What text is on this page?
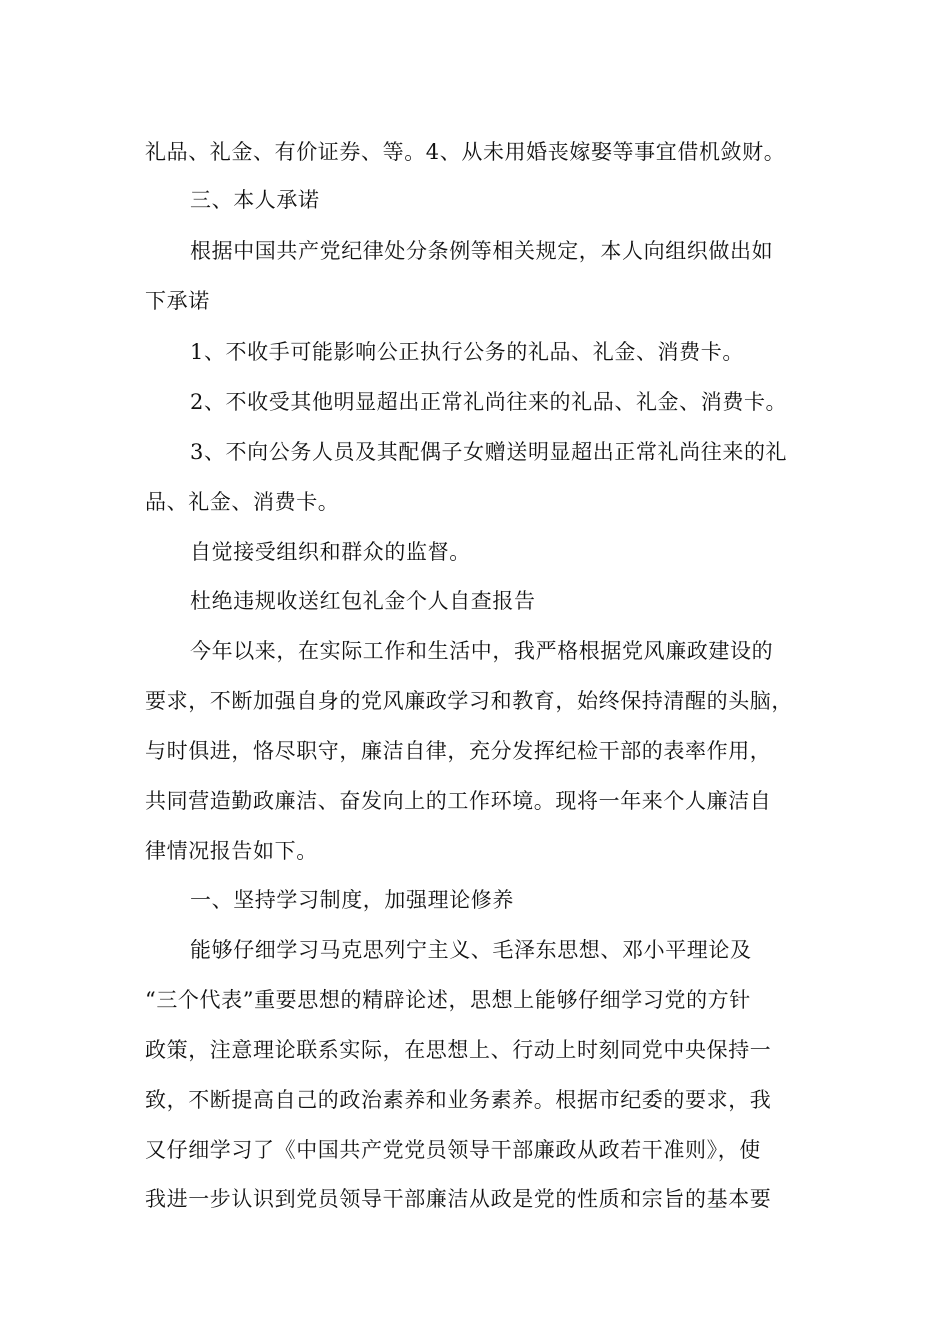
礼品、礼金、有价证券、等。4、从未用婚丧嫁娶等事宜借机敛财。
三、本人承诺
根据中国共产党纪律处分条例等相关规定，本人向组织做出如
下承诺
1、不收手可能影响公正执行公务的礼品、礼金、消费卡。
2、不收受其他明显超出正常礼尚往来的礼品、礼金、消费卡。
3、不向公务人员及其配偶子女赠送明显超出正常礼尚往来的礼
品、礼金、消费卡。
自觉接受组织和群众的监督。
杜绝违规收送红包礼金个人自查报告
今年以来，在实际工作和生活中，我严格根据党风廉政建设的
要求，不断加强自身的党风廉政学习和教育，始终保持清醒的头脑，
与时俱进，恪尽职守，廉洁自律，充分发挥纪检干部的表率作用，
共同营造勤政廉洁、奋发向上的工作环境。现将一年来个人廉洁自
律情况报告如下。
一、坚持学习制度，加强理论修养
能够仔细学习马克思列宁主义、毛泽东思想、邓小平理论及
“三个代表”重要思想的精辟论述，思想上能够仔细学习党的方针
政策，注意理论联系实际，在思想上、行动上时刻同党中央保持一
致，不断提高自己的政治素养和业务素养。根据市纪委的要求，我
又仔细学习了《中国共产党党员领导干部廉政从政若干准则》，使
我进一步认识到党员领导干部廉洁从政是党的性质和宗旨的基本要
